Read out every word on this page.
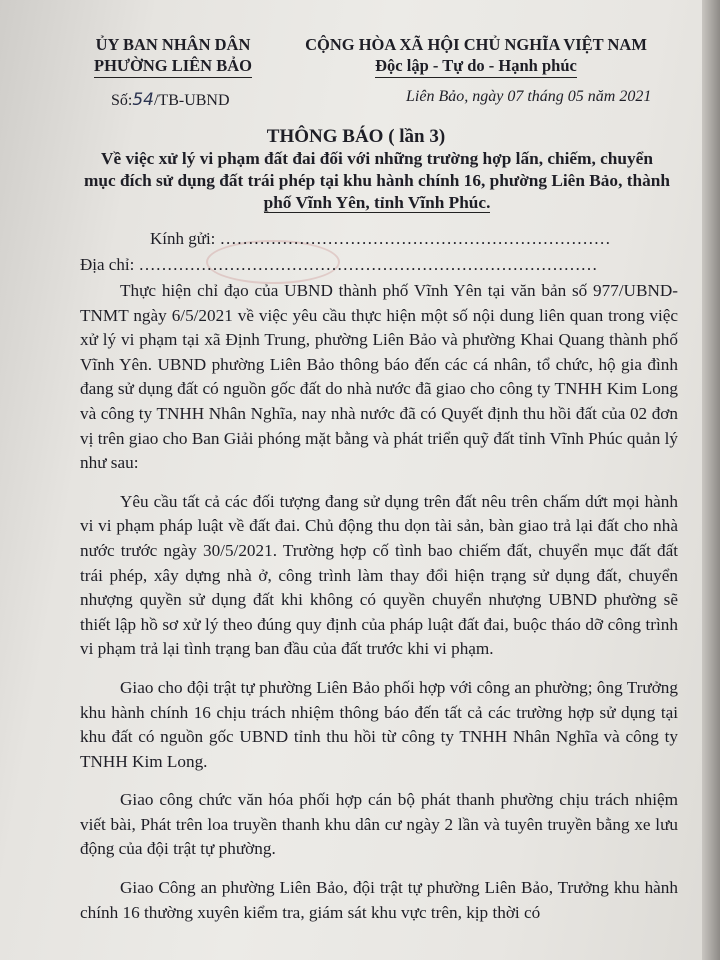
ỦY BAN NHÂN DÂN
PHƯỜNG LIÊN BẢO
CỘNG HÒA XÃ HỘI CHỦ NGHĨA VIỆT NAM
Độc lập - Tự do - Hạnh phúc
Số:54/TB-UBND	Liên Bảo, ngày 07 tháng 05 năm 2021
THÔNG BÁO ( lần 3)
Về việc xử lý vi phạm đất đai đối với những trường hợp lấn, chiếm, chuyển
mục đích sử dụng đất trái phép tại khu hành chính 16, phường Liên Bảo, thành
phố Vĩnh Yên, tỉnh Vĩnh Phúc.
Kính gửi: ……………………………………………………………
Địa chỉ: ………………………………………………………………………

Thực hiện chỉ đạo của UBND thành phố Vĩnh Yên tại văn bản số 977/UBND-TNMT ngày 6/5/2021 về việc yêu cầu thực hiện một số nội dung liên quan trong việc xử lý vi phạm tại xã Định Trung, phường Liên Bảo và phường Khai Quang thành phố Vĩnh Yên. UBND phường Liên Bảo thông báo đến các cá nhân, tổ chức, hộ gia đình đang sử dụng đất có nguồn gốc đất do nhà nước đã giao cho công ty TNHH Kim Long và công ty TNHH Nhân Nghĩa, nay nhà nước đã có Quyết định thu hồi đất của 02 đơn vị trên giao cho Ban Giải phóng mặt bằng và phát triển quỹ đất tỉnh Vĩnh Phúc quản lý như sau:

Yêu cầu tất cả các đối tượng đang sử dụng trên đất nêu trên chấm dứt mọi hành vi vi phạm pháp luật về đất đai. Chủ động thu dọn tài sản, bàn giao trả lại đất cho nhà nước trước ngày 30/5/2021. Trường hợp cố tình bao chiếm đất, chuyển mục đất đất trái phép, xây dựng nhà ở, công trình làm thay đổi hiện trạng sử dụng đất, chuyển nhượng quyền sử dụng đất khi không có quyền chuyển nhượng UBND phường sẽ thiết lập hồ sơ xử lý theo đúng quy định của pháp luật đất đai, buộc tháo dỡ công trình vi phạm trả lại tình trạng ban đầu của đất trước khi vi phạm.

Giao cho đội trật tự phường Liên Bảo phối hợp với công an phường; ông Trưởng khu hành chính 16 chịu trách nhiệm thông báo đến tất cả các trường hợp sử dụng tại khu đất có nguồn gốc UBND tỉnh thu hồi từ công ty TNHH Nhân Nghĩa và công ty TNHH Kim Long.

Giao công chức văn hóa phối hợp cán bộ phát thanh phường chịu trách nhiệm viết bài, Phát trên loa truyền thanh khu dân cư ngày 2 lần và tuyên truyền bằng xe lưu động của đội trật tự phường.

Giao Công an phường Liên Bảo, đội trật tự phường Liên Bảo, Trưởng khu hành chính 16 thường xuyên kiểm tra, giám sát khu vực trên, kịp thời có
